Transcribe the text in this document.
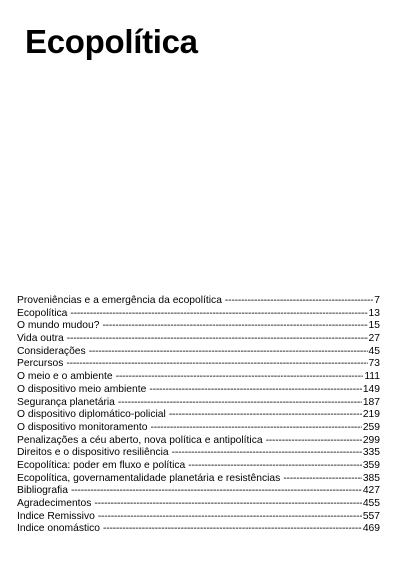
Ecopolítica
Proveniências e a emergência da ecopolítica -----	7
Ecopolítica -----	13
O mundo mudou? -----	15
Vida outra -----	27
Considerações -----	45
Percursos -----	73
O meio e o ambiente -----	111
O dispositivo meio ambiente -----	149
Segurança planetária -----	187
O dispositivo diplomático-policial -----	219
O dispositivo monitoramento -----	259
Penalizações a céu aberto, nova política e antipolítica -----	299
Direitos e o dispositivo resiliência -----	335
Ecopolítica: poder em fluxo e política -----	359
Ecopolítica, governamentalidade planetária e resistências -----	385
Bibliografia -----	427
Agradecimentos -----	455
Índice Remissivo -----	557
Índice onomástico -----	469
